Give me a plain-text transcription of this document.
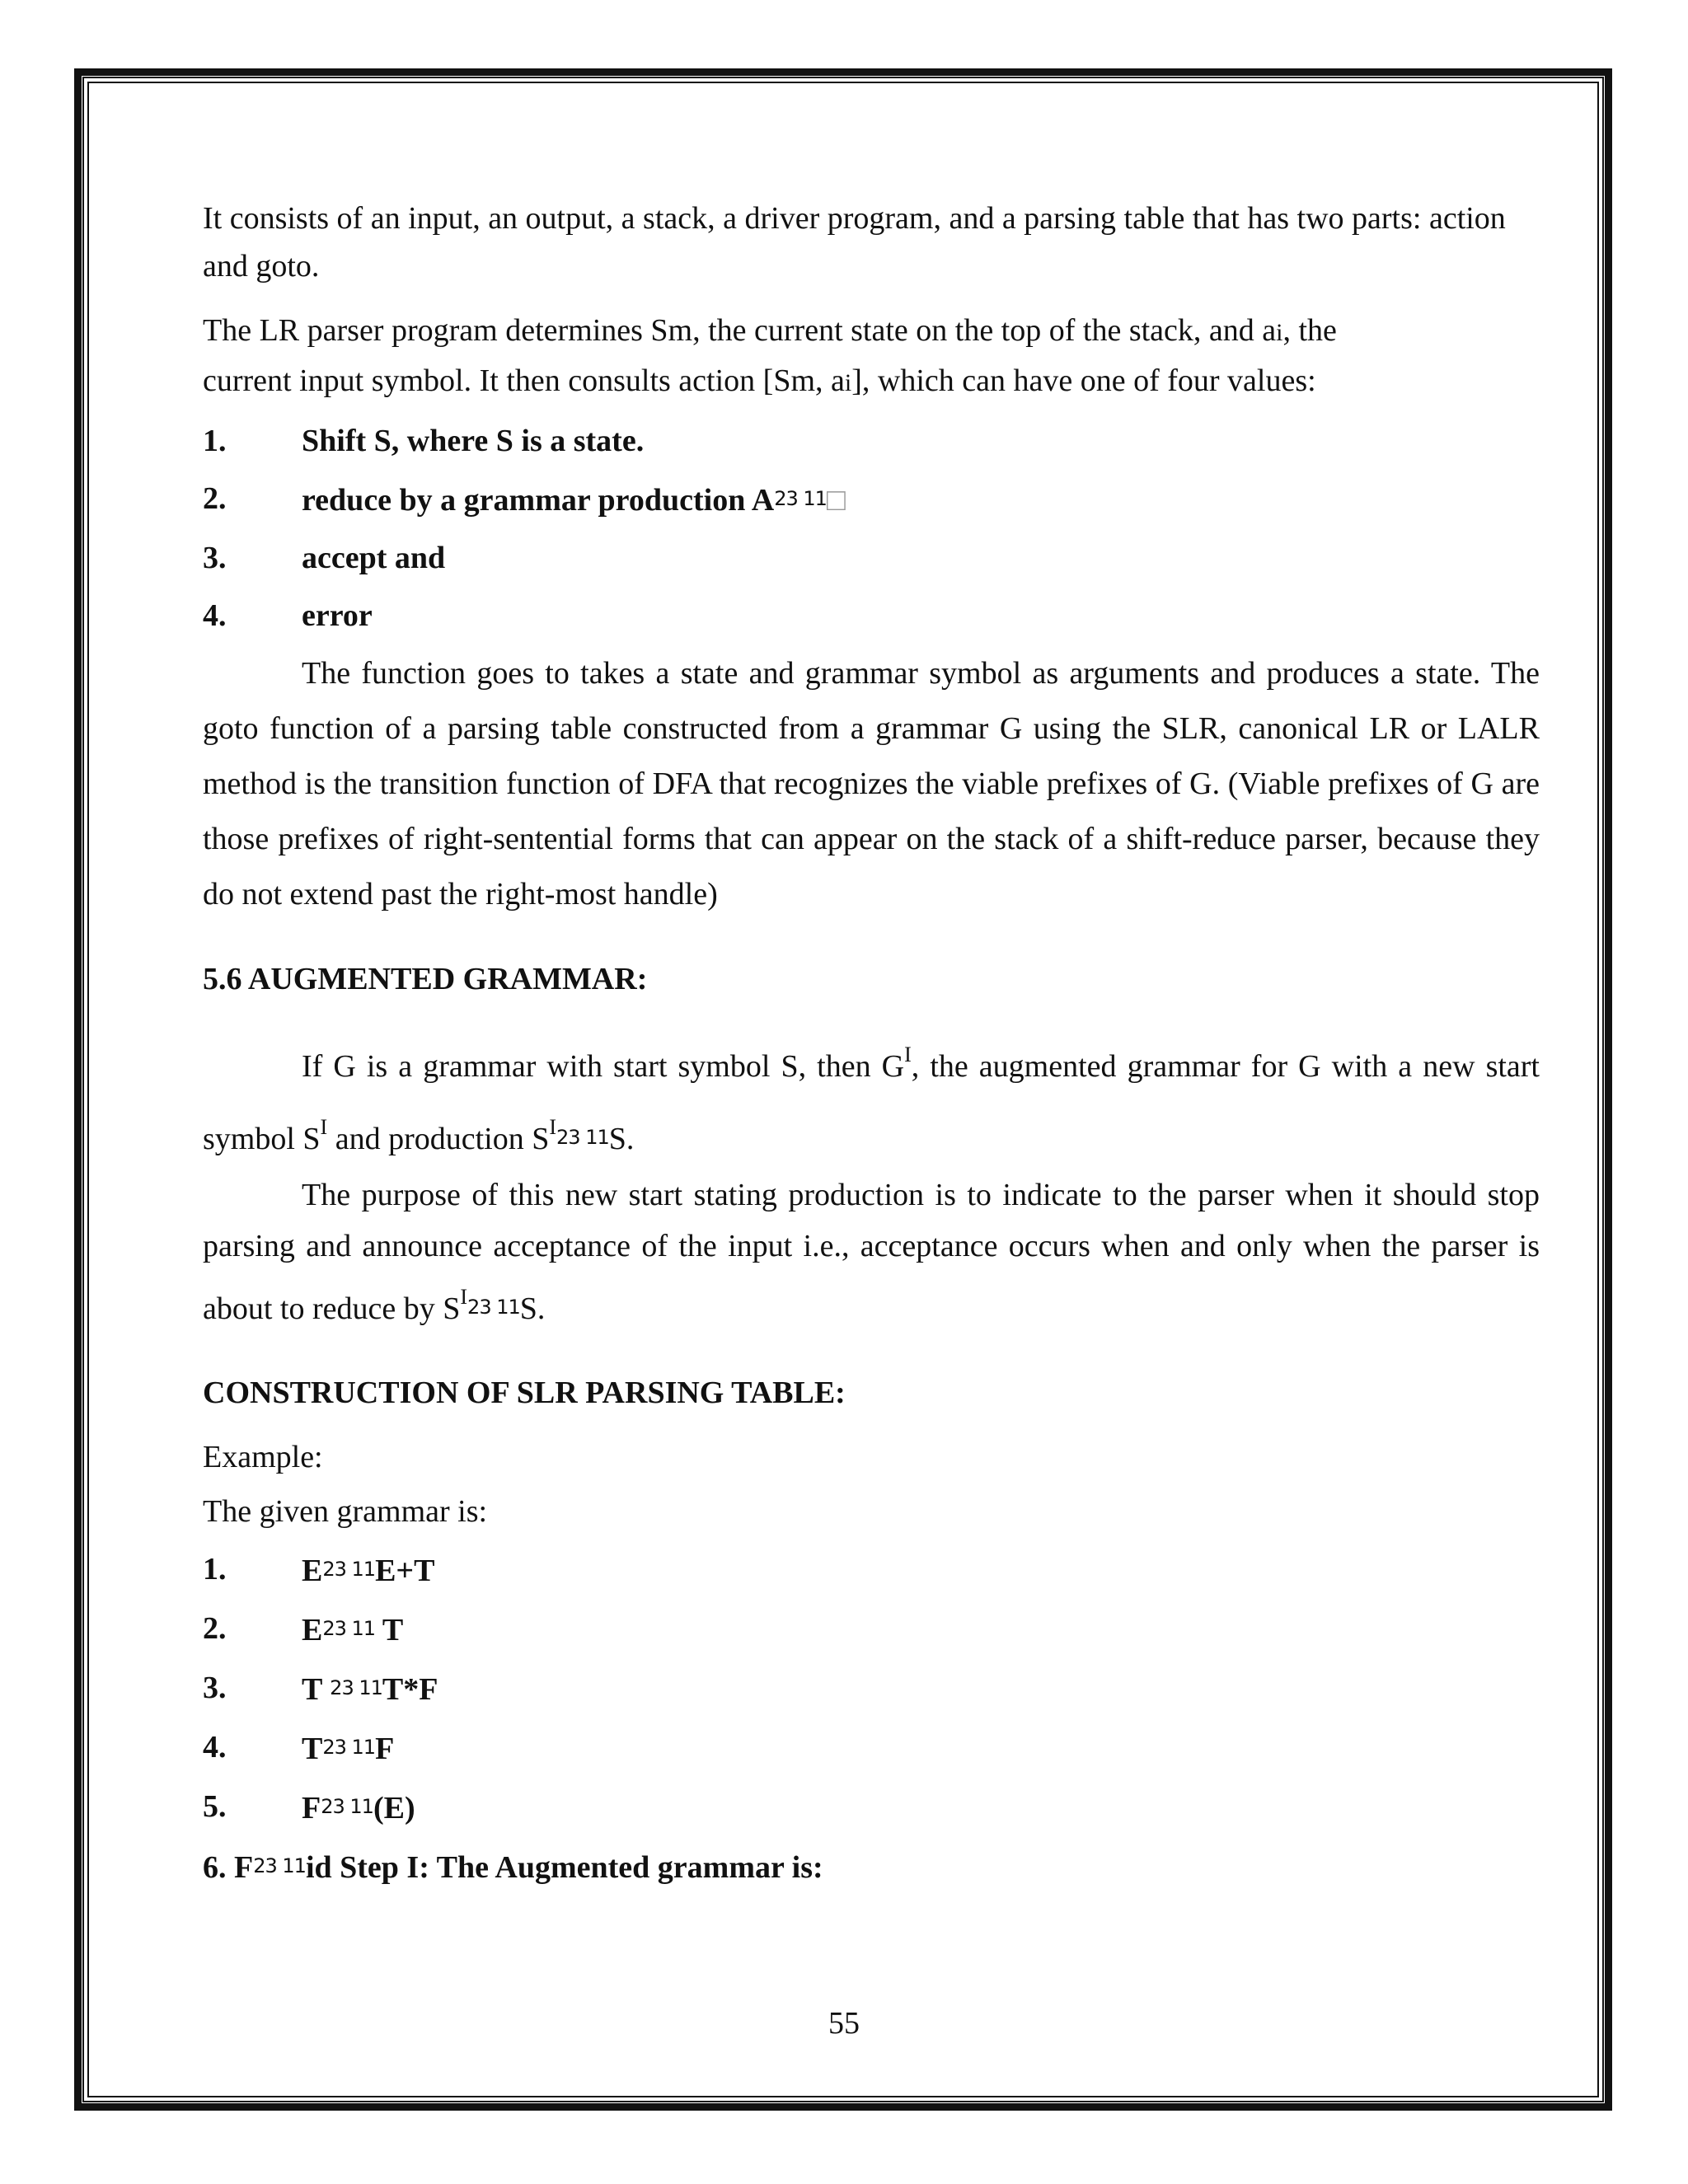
It consists of an input, an output, a stack, a driver program, and a parsing table that has two parts: action and goto.

The LR parser program determines Sm, the current state on the top of the stack, and ai, the
current input symbol. It then consults action [Sm, ai], which can have one of four values:

1.	Shift S, where S is a state.
2.	reduce by a grammar production A23 11□
3.	accept and
4.	error

The function goes to takes a state and grammar symbol as arguments and produces a state. The goto function of a parsing table constructed from a grammar G using the SLR, canonical LR or LALR method is the transition function of DFA that recognizes the viable prefixes of G. (Viable prefixes of G are those prefixes of right-sentential forms that can appear on the stack of a shift-reduce parser, because they do not extend past the right-most handle)

5.6 AUGMENTED GRAMMAR:

If G is a grammar with start symbol S, then $G^I$, the augmented grammar for G with a new start symbol $S^I$ and production $S^I23$ 11S.

The purpose of this new start stating production is to indicate to the parser when it should stop parsing and announce acceptance of the input i.e., acceptance occurs when and only when the parser is about to reduce by $S^I23$ 11S.

CONSTRUCTION OF SLR PARSING TABLE:

Example:

The given grammar is:

1.	E23 11E+T
2.	E23 11 T
3.	T 23 11T*F
4.	T23 11F
5.	F23 11(E)
6. F23 11id Step I: The Augmented grammar is:
55
